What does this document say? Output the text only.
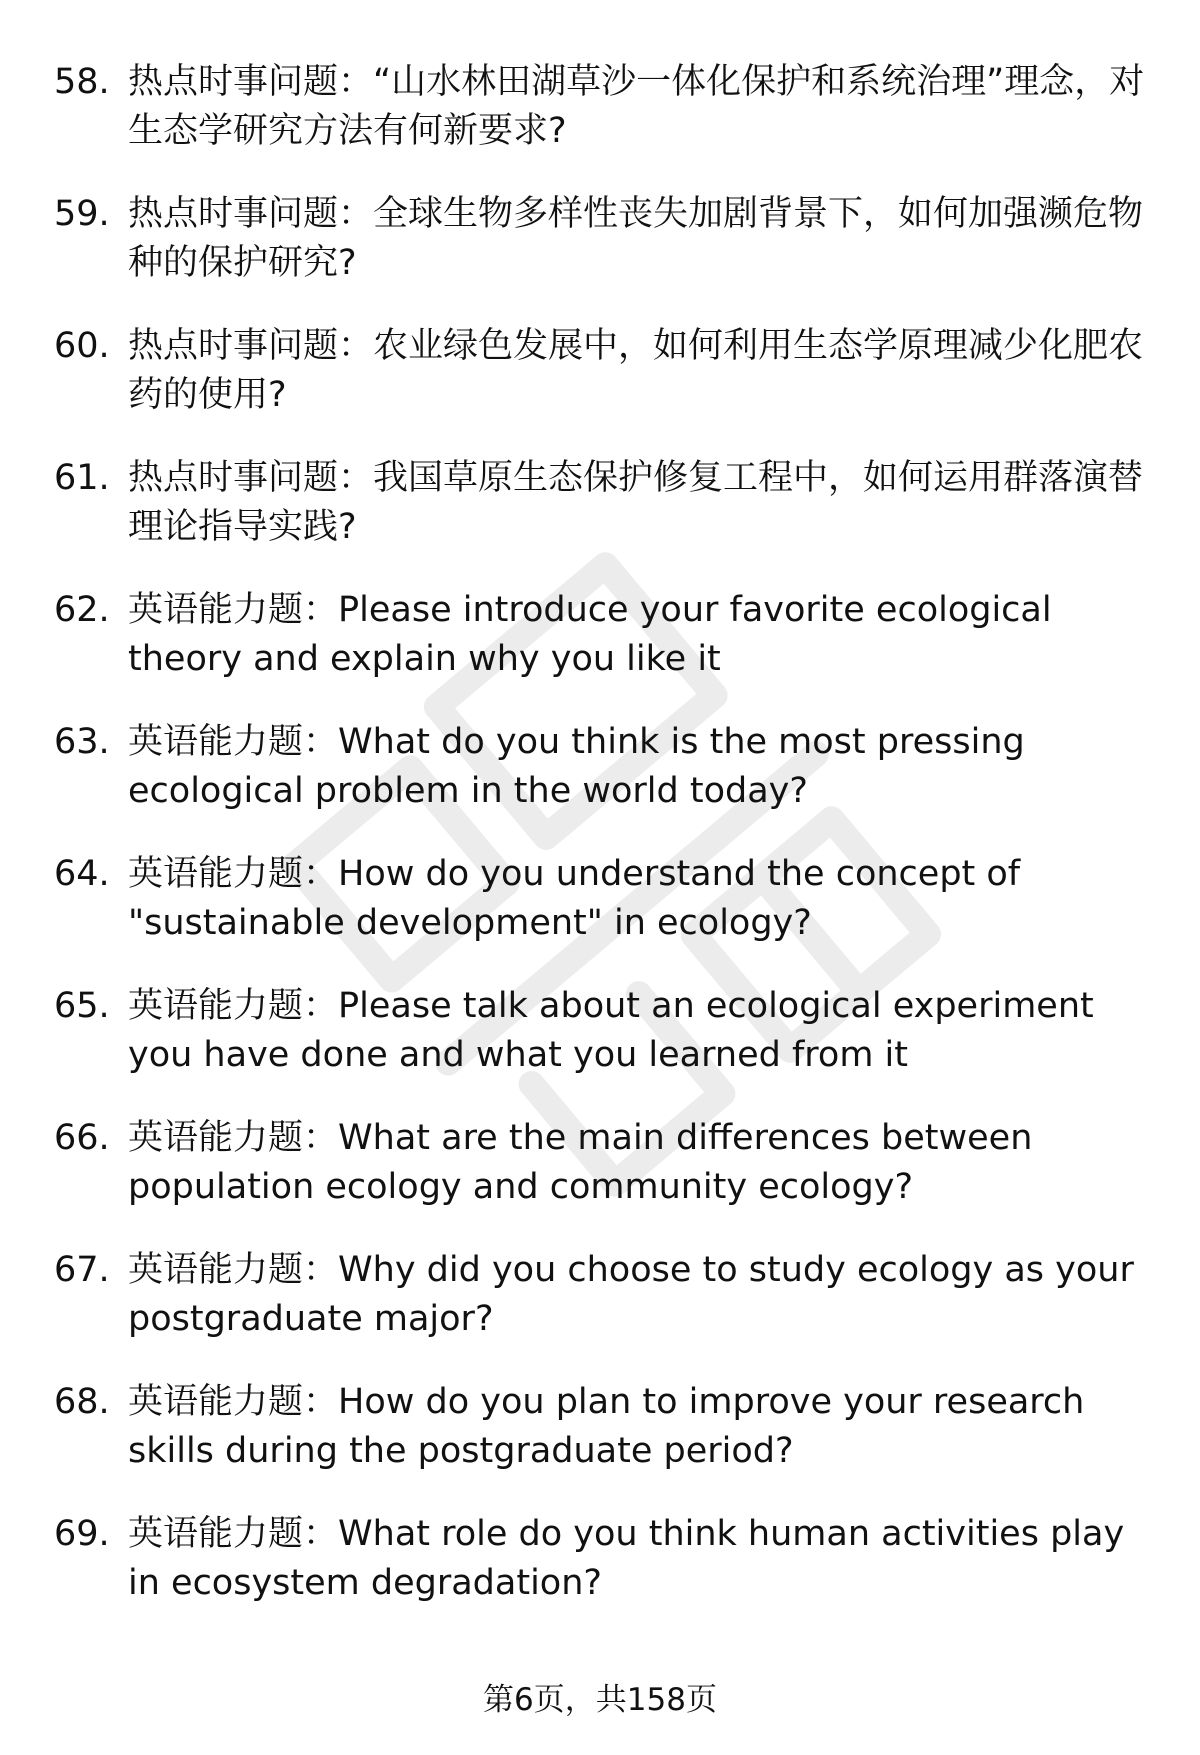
58. 热点时事问题：“山水林田湖草沙一体化保护和系统治理”理念，对生态学研究方法有何新要求?
59. 热点时事问题：全球生物多样性丧失加剧背景下，如何加强濒危物种的保护研究?
60. 热点时事问题：农业绿色发展中，如何利用生态学原理减少化肥农药的使用?
61. 热点时事问题：我国草原生态保护修复工程中，如何运用群落演替理论指导实践?
62. 英语能力题：Please introduce your favorite ecological theory and explain why you like it
63. 英语能力题：What do you think is the most pressing ecological problem in the world today?
64. 英语能力题：How do you understand the concept of "sustainable development" in ecology?
65. 英语能力题：Please talk about an ecological experiment you have done and what you learned from it
66. 英语能力题：What are the main differences between population ecology and community ecology?
67. 英语能力题：Why did you choose to study ecology as your postgraduate major?
68. 英语能力题：How do you plan to improve your research skills during the postgraduate period?
69. 英语能力题：What role do you think human activities play in ecosystem degradation?
第6页，共158页
